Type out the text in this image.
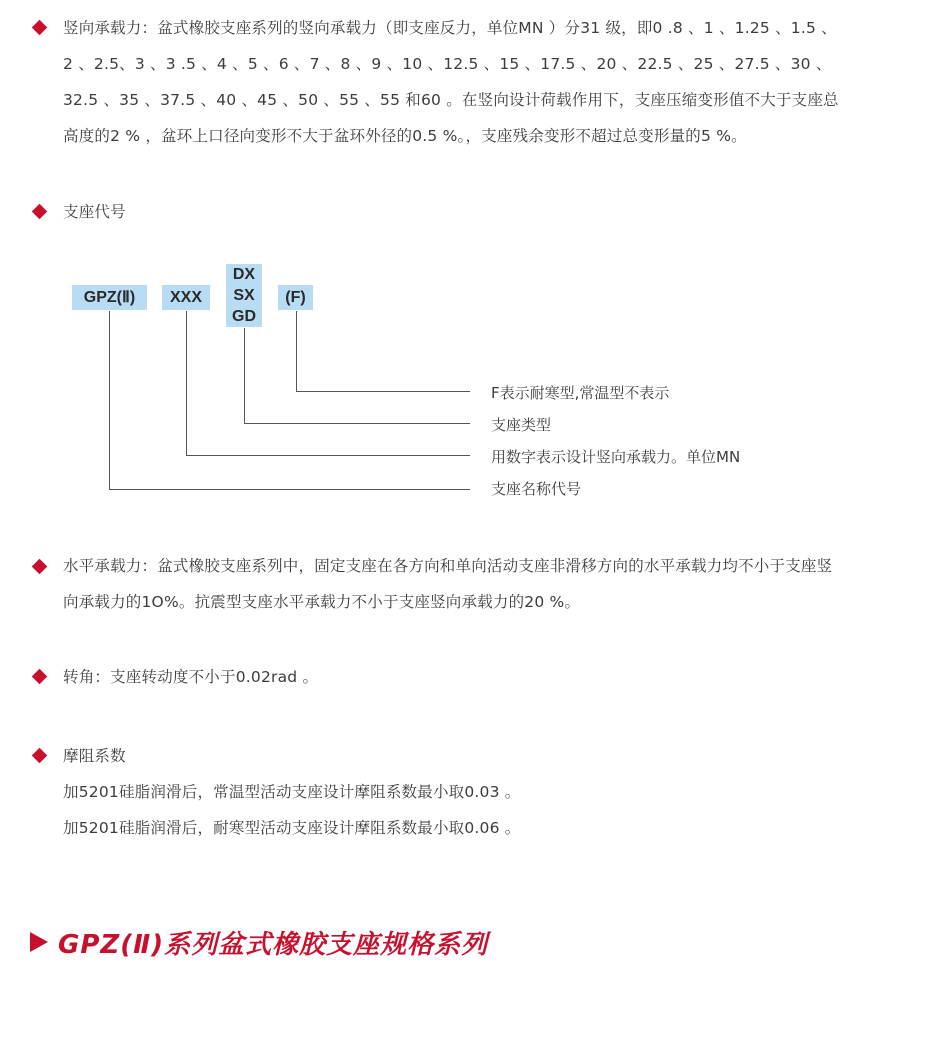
竖向承载力：盆式橡胶支座系列的竖向承载力（即支座反力，单位MN ）分31 级，即0 .8 、1 、1.25 、1.5 、
2 、2.5、3 、3 .5 、4 、5 、6 、7 、8 、9 、10 、12.5 、15 、17.5 、20 、22.5 、25 、27.5 、30 、
32.5 、35 、37.5 、40 、45 、50 、55 、55 和60 。在竖向设计荷载作用下，支座压缩变形值不大于支座总
高度的2 % ，盆环上口径向变形不大于盆环外径的0.5 %。，支座残余变形不超过总变形量的5 %。
支座代号
GPZ(Ⅱ)	XXX
DX
SX
GD
(F)
F表示耐寒型,常温型不表示
支座类型
用数字表示设计竖向承载力。单位MN
支座名称代号
水平承载力：盆式橡胶支座系列中，固定支座在各方向和单向活动支座非滑移方向的水平承载力均不小于支座竖
向承载力的1O%。抗震型支座水平承载力不小于支座竖向承载力的20 %。
转角：支座转动度不小于0.02rad 。
摩阻系数
加5201硅脂润滑后，常温型活动支座设计摩阻系数最小取0.03 。
加5201硅脂润滑后，耐寒型活动支座设计摩阻系数最小取0.06 。
GPZ(Ⅱ)系列盆式橡胶支座规格系列
